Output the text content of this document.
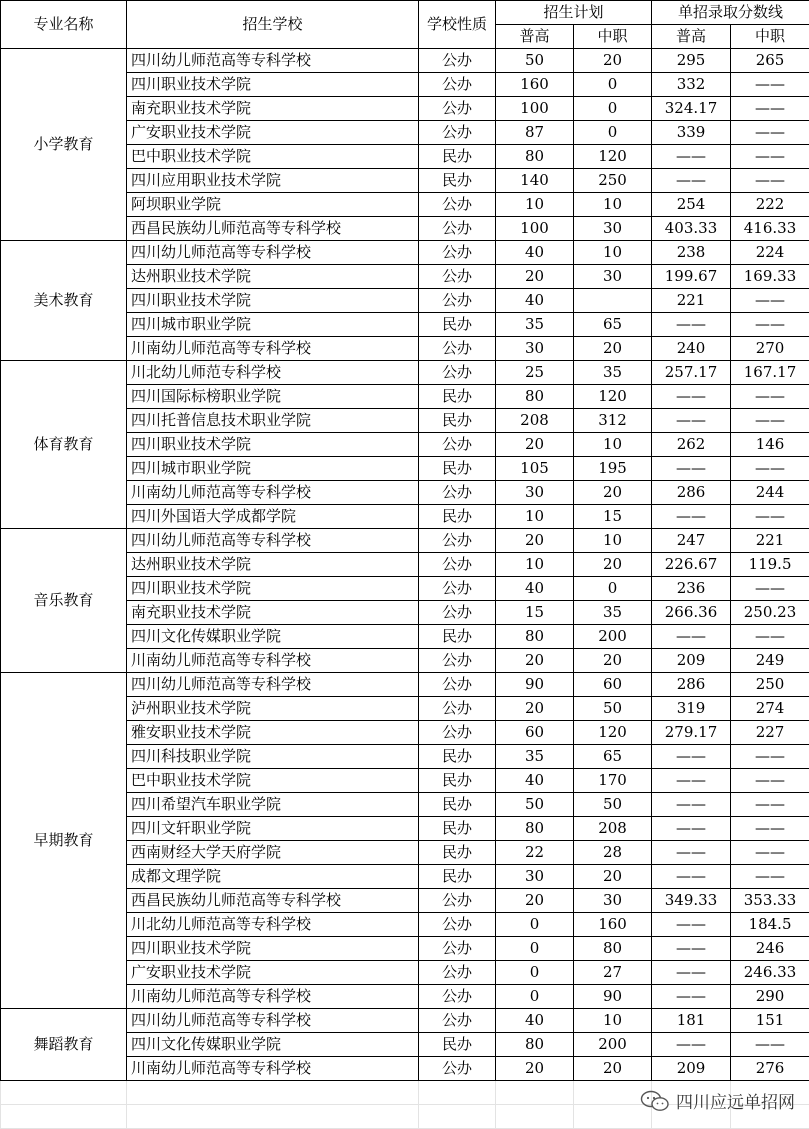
专业名称	招生学校	学校性质	招生计划		单招录取分数线	
			普高	中职	普高	中职
小学教育	四川幼儿师范高等专科学校	公办	50	20	295	265
	四川职业技术学院	公办	160	0	332	——
	南充职业技术学院	公办	100	0	324.17	——
	广安职业技术学院	公办	87	0	339	——
	巴中职业技术学院	民办	80	120	——	——
	四川应用职业技术学院	民办	140	250	——	——
	阿坝职业学院	公办	10	10	254	222
	西昌民族幼儿师范高等专科学校	公办	100	30	403.33	416.33
美术教育	四川幼儿师范高等专科学校	公办	40	10	238	224
	达州职业技术学院	公办	20	30	199.67	169.33
	四川职业技术学院	公办	40		221	——
	四川城市职业学院	民办	35	65	——	——
	川南幼儿师范高等专科学校	公办	30	20	240	270
体育教育	川北幼儿师范专科学校	公办	25	35	257.17	167.17
	四川国际标榜职业学院	民办	80	120	——	——
	四川托普信息技术职业学院	民办	208	312	——	——
	四川职业技术学院	公办	20	10	262	146
	四川城市职业学院	民办	105	195	——	——
	川南幼儿师范高等专科学校	公办	30	20	286	244
	四川外国语大学成都学院	民办	10	15	——	——
音乐教育	四川幼儿师范高等专科学校	公办	20	10	247	221
	达州职业技术学院	公办	10	20	226.67	119.5
	四川职业技术学院	公办	40	0	236	——
	南充职业技术学院	公办	15	35	266.36	250.23
	四川文化传媒职业学院	民办	80	200	——	——
	川南幼儿师范高等专科学校	公办	20	20	209	249
早期教育	四川幼儿师范高等专科学校	公办	90	60	286	250
	泸州职业技术学院	公办	20	50	319	274
	雅安职业技术学院	公办	60	120	279.17	227
	四川科技职业学院	民办	35	65	——	——
	巴中职业技术学院	民办	40	170	——	——
	四川希望汽车职业学院	民办	50	50	——	——
	四川文轩职业学院	民办	80	208	——	——
	西南财经大学天府学院	民办	22	28	——	——
	成都文理学院	民办	30	20	——	——
	西昌民族幼儿师范高等专科学校	公办	20	30	349.33	353.33
	川北幼儿师范高等专科学校	公办	0	160	——	184.5
	四川职业技术学院	公办	0	80	——	246
	广安职业技术学院	公办	0	27	——	246.33
	川南幼儿师范高等专科学校	公办	0	90	——	290
舞蹈教育	四川幼儿师范高等专科学校	公办	40	10	181	151
	四川文化传媒职业学院	民办	80	200	——	——
	川南幼儿师范高等专科学校	公办	20	20	209	276

四川应远单招网
